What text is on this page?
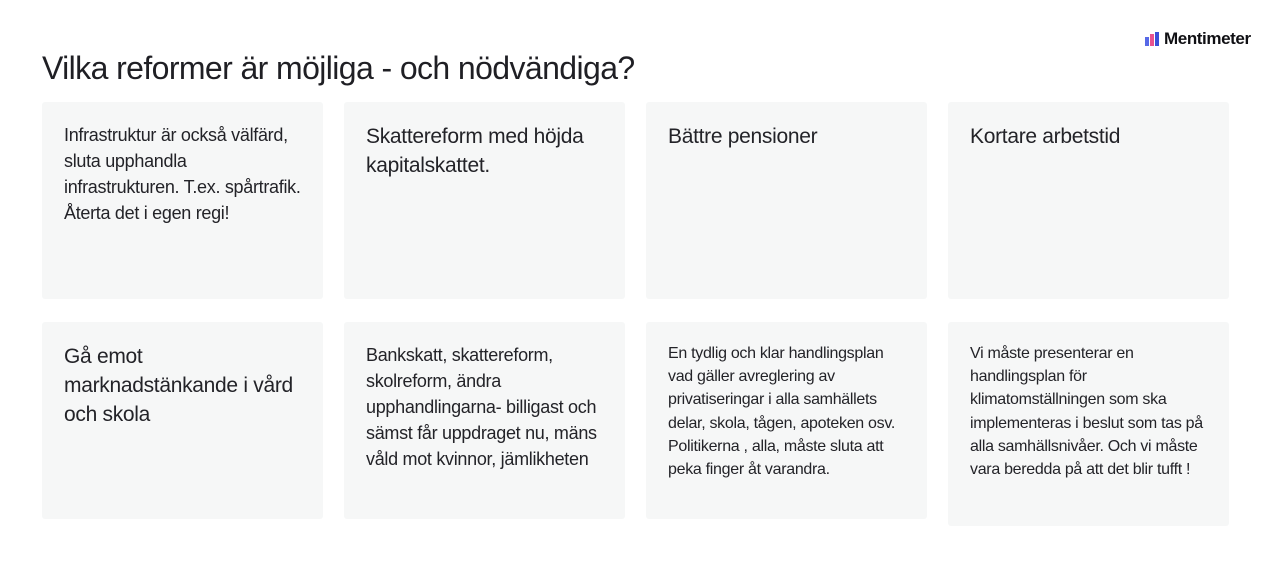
Mentimeter
Vilka reformer är möjliga - och nödvändiga?

Infrastruktur är också välfärd, sluta upphandla infrastrukturen. T.ex. spårtrafik. Återta det i egen regi!

Skattereform med höjda kapitalskattet.

Bättre pensioner	Kortare arbetstid

Gå emot marknadstänkande i vård och skola

Bankskatt, skattereform, skolreform, ändra upphandlingarna- billigast och sämst får uppdraget nu, mäns våld mot kvinnor, jämlikheten

En tydlig och klar handlingsplan vad gäller avreglering av privatiseringar i alla samhällets delar, skola, tågen, apoteken osv. Politikerna , alla, måste sluta att peka finger åt varandra.

Vi måste presenterar en handlingsplan för klimatomställningen som ska implementeras i beslut som tas på alla samhällsnivåer. Och vi måste vara beredda på att det blir tufft !
